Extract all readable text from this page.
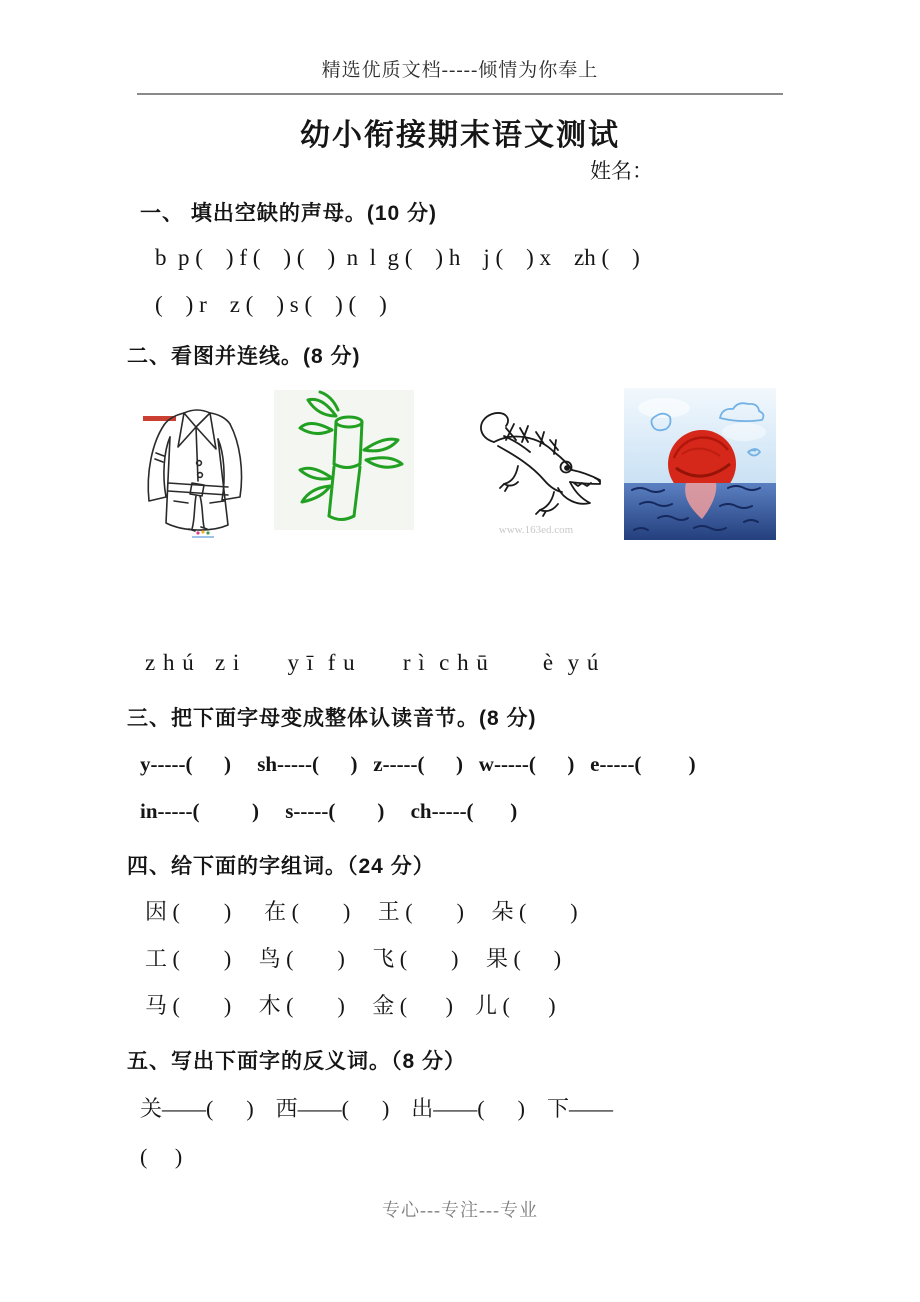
精选优质文档-----倾情为你奉上
幼小衔接期末语文测试
姓名：
一、 填出空缺的声母。(10 分)
b  p (    ) f (    ) (    )  n  l  g (    ) h    j (    ) x    zh (    )
(    ) r    z (    ) s (    ) (    )
二、看图并连线。(8 分)
www.163ed.com
z h ú   z i       y ī  f u       r ì  c h ū        è  y ú
三、把下面字母变成整体认读音节。(8 分)
y-----(      )     sh-----(      )   z-----(      )   w-----(      )   e-----(         )
in-----(          )     s-----(        )     ch-----(       )
四、给下面的字组词。（24 分）
因 (        )      在 (        )     王 (        )     朵 (        )
工 (        )     鸟 (        )     飞 (        )     果 (      )
马 (        )     木 (        )     金 (       )    儿 (       )
五、写出下面字的反义词。（8 分）
关——(      )    西——(      )    出——(      )    下——
(     )
专心---专注---专业
